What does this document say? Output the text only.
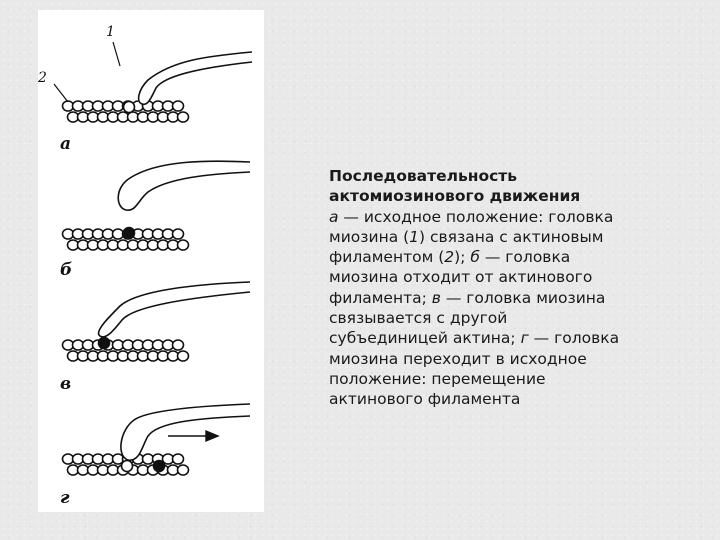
1
2
а
б
в
г
Последовательность
актомиозинового движения
а — исходное положение: головка
миозина (1) связана с актиновым
филаментом (2); б — головка
миозина отходит от актинового
филамента; в — головка миозина
связывается с другой
субъединицей актина; г — головка
миозина переходит в исходное
положение: перемещение
актинового филамента
